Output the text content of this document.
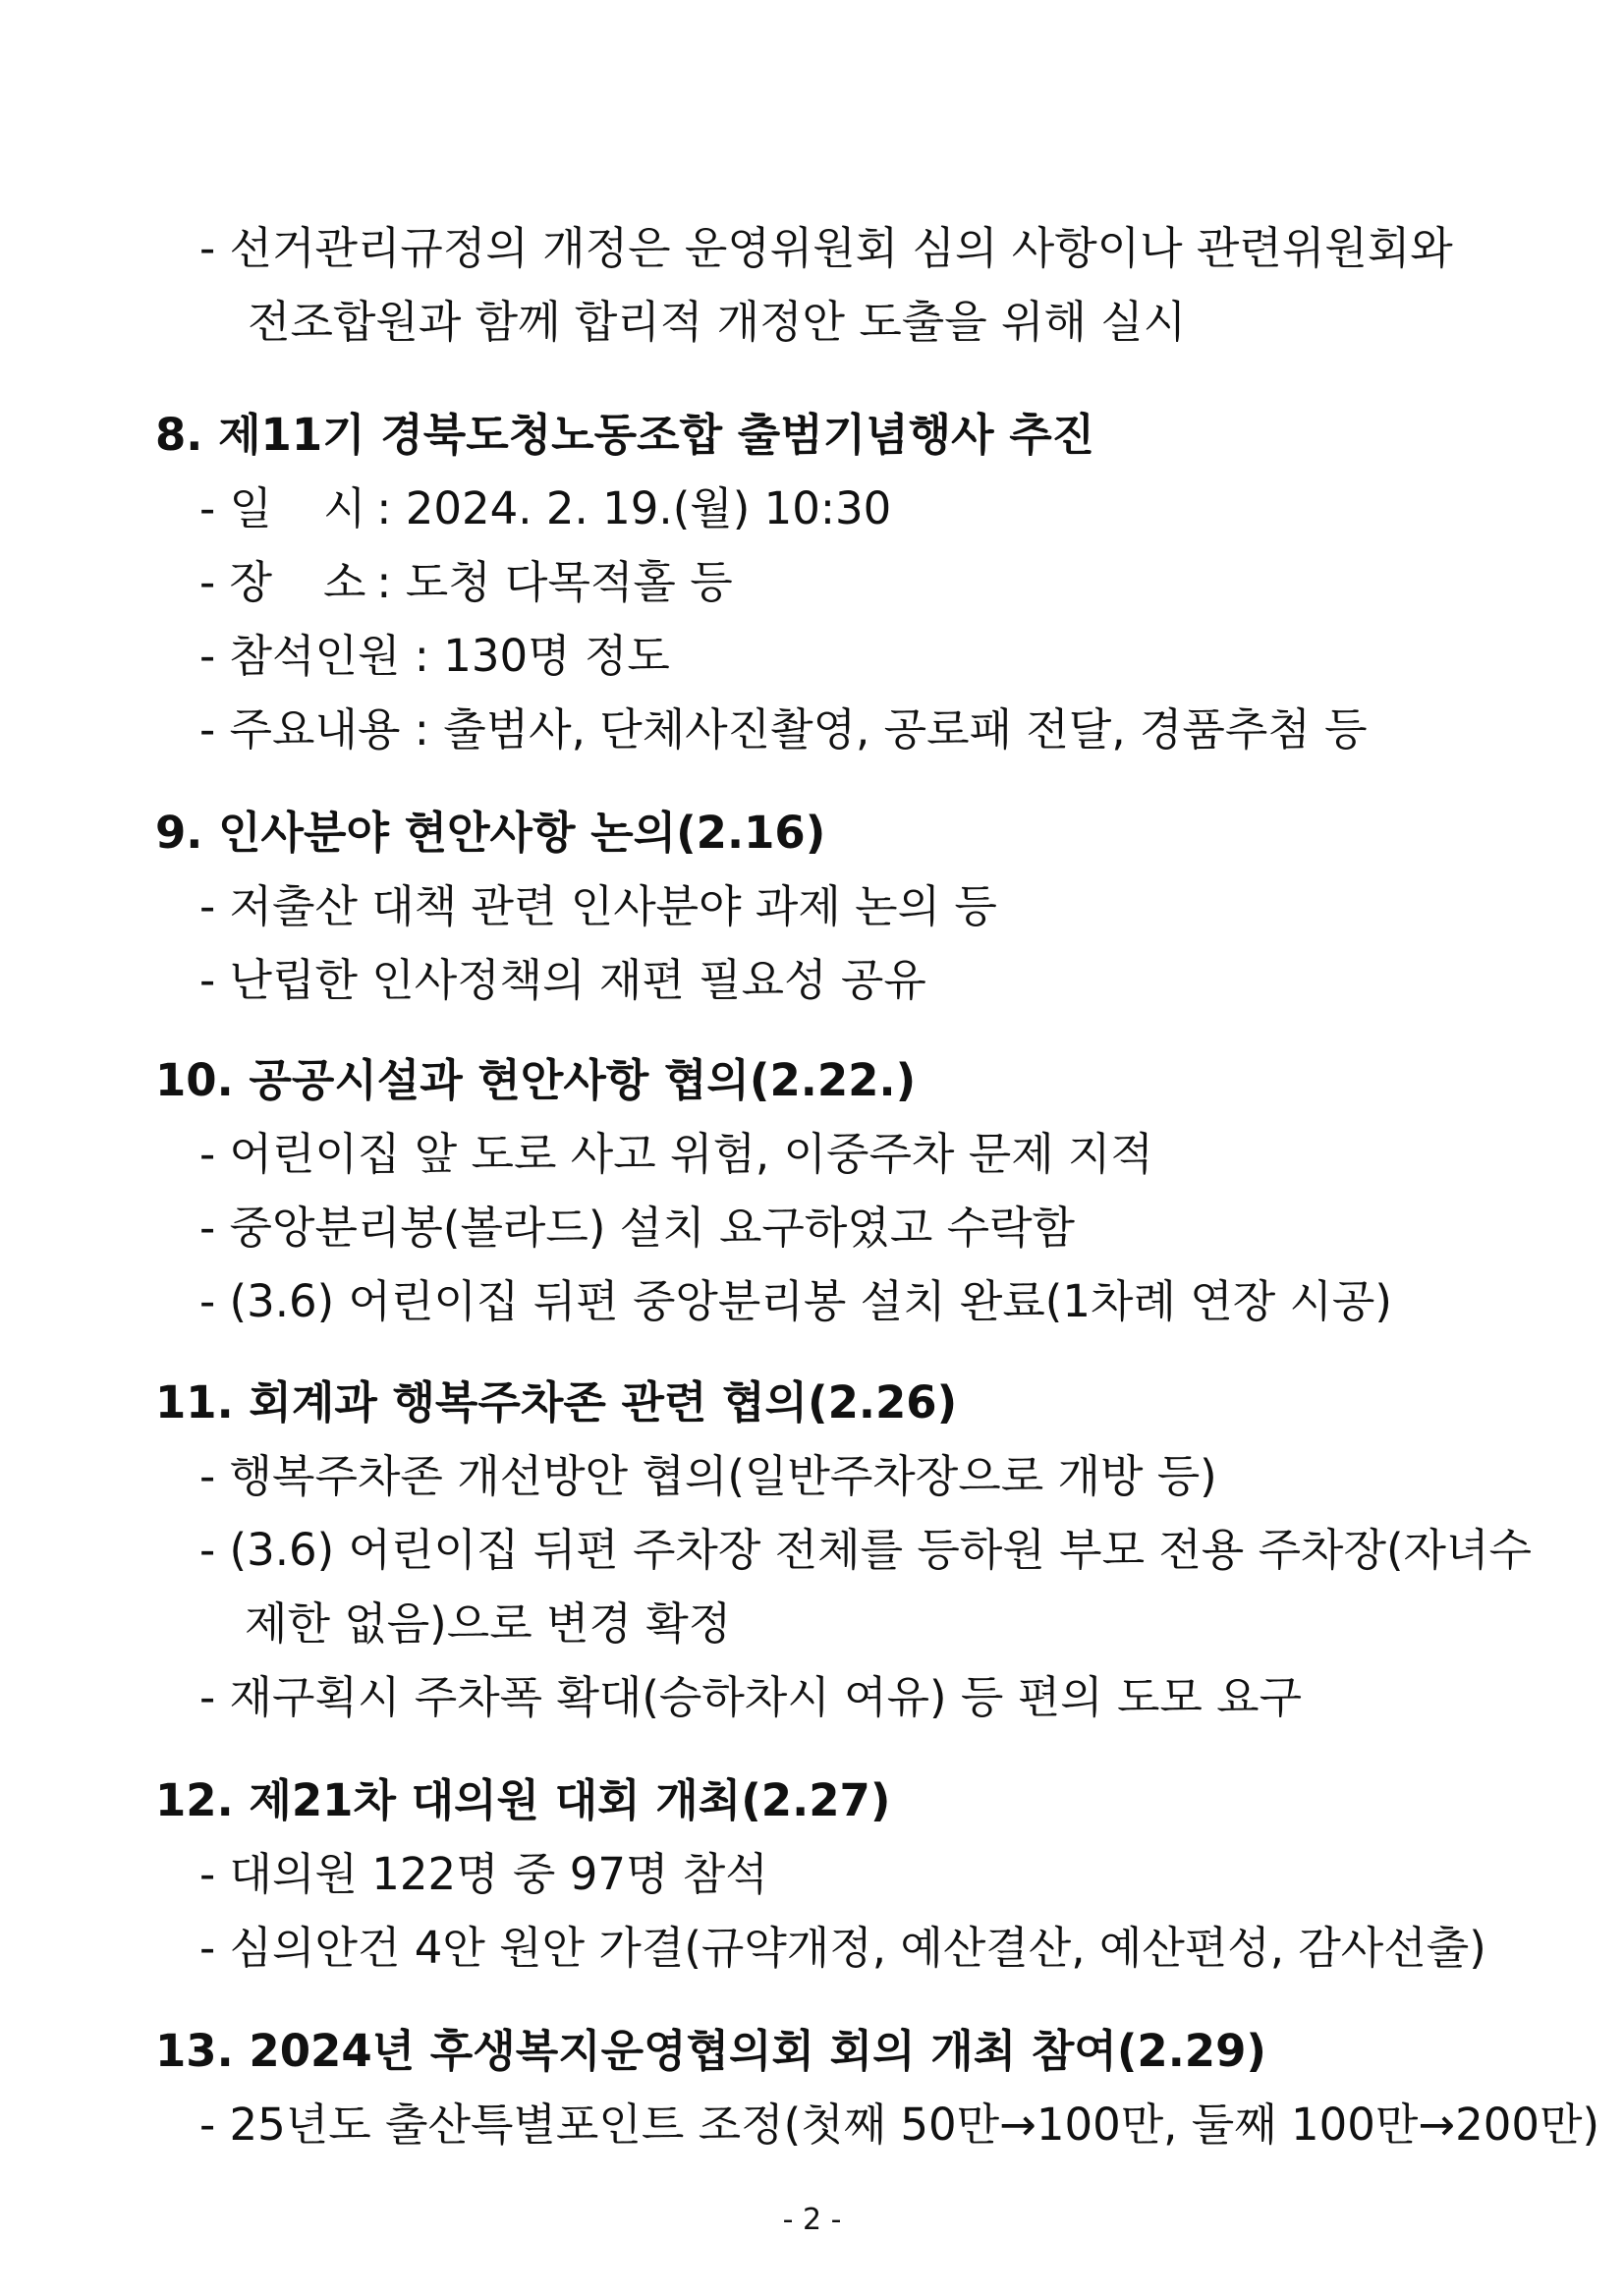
- 선거관리규정의 개정은 운영위원회 심의 사항이나 관련위원회와
전조합원과 함께 합리적 개정안 도출을 위해 실시
8. 제11기 경북도청노동조합 출범기념행사 추진
- 일 시
: 2024. 2. 19.(월) 10:30
- 장 소
: 도청 다목적홀 등
- 참석인원 : 130명 정도
- 주요내용 : 출범사, 단체사진촬영, 공로패 전달, 경품추첨 등
9. 인사분야 현안사항 논의(2.16)
- 저출산 대책 관련 인사분야 과제 논의 등
- 난립한 인사정책의 재편 필요성 공유
10. 공공시설과 현안사항 협의(2.22.)
- 어린이집 앞 도로 사고 위험, 이중주차 문제 지적
- 중앙분리봉(볼라드) 설치 요구하였고 수락함
- (3.6) 어린이집 뒤편 중앙분리봉 설치 완료(1차례 연장 시공)
11. 회계과 행복주차존 관련 협의(2.26)
- 행복주차존 개선방안 협의(일반주차장으로 개방 등)
- (3.6) 어린이집 뒤편 주차장 전체를 등하원 부모 전용 주차장(자녀수
제한 없음)으로 변경 확정
- 재구획시 주차폭 확대(승하차시 여유) 등 편의 도모 요구
12. 제21차 대의원 대회 개최(2.27)
- 대의원 122명 중 97명 참석
- 심의안건 4안 원안 가결(규약개정, 예산결산, 예산편성, 감사선출)
13. 2024년 후생복지운영협의회 회의 개최 참여(2.29)
- 25년도 출산특별포인트 조정(첫째 50만→100만, 둘째 100만→200만)
- 2 -
